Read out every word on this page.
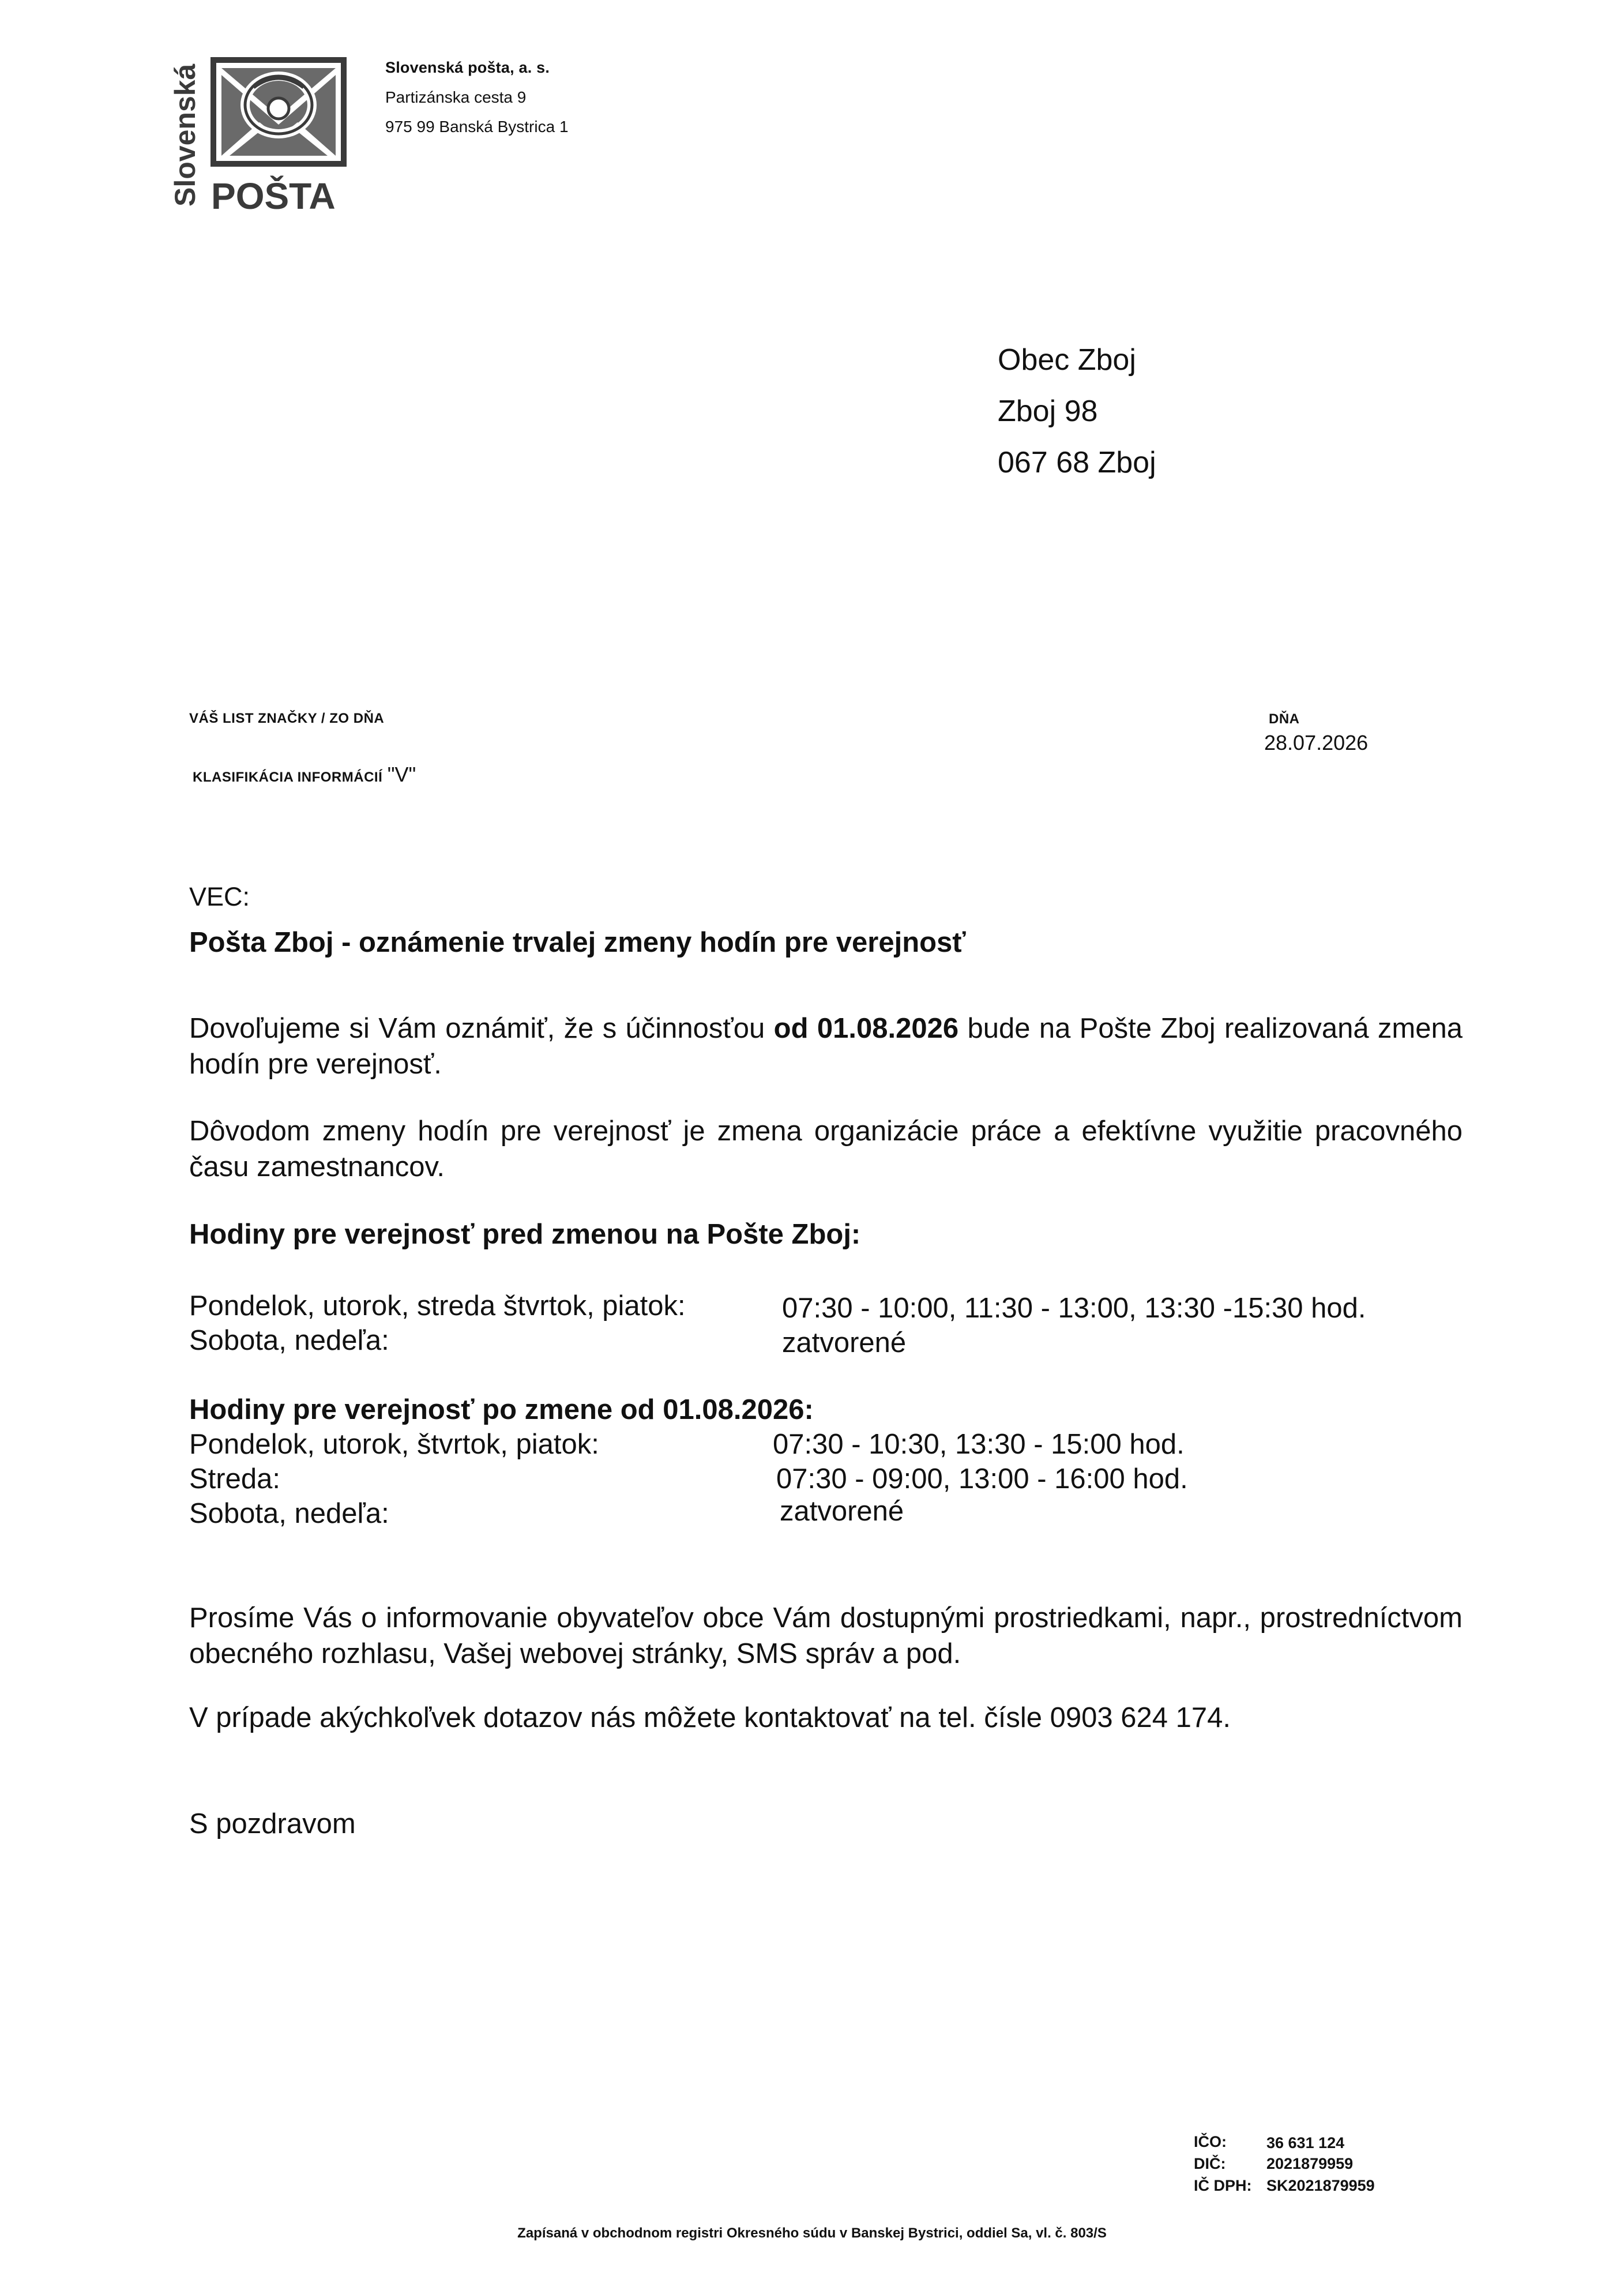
Slovenská POŠTA
Slovenská pošta, a. s.
Partizánska cesta 9
975 99 Banská Bystrica 1
Obec Zboj
Zboj 98
067 68 Zboj
VÁŠ LIST ZNAČKY / ZO DŇA
KLASIFIKÁCIA INFORMÁCIÍ "V"
DŇA
28.07.2026
VEC:
Pošta Zboj - oznámenie trvalej zmeny hodín pre verejnosť
Dovoľujeme si Vám oznámiť, že s účinnosťou od 01.08.2026 bude na Pošte Zboj realizovaná zmena hodín pre verejnosť.
Dôvodom zmeny hodín pre verejnosť je zmena organizácie práce a efektívne využitie pracovného času zamestnancov.
Hodiny pre verejnosť pred zmenou na Pošte Zboj:
Pondelok, utorok, streda štvrtok, piatok:	07:30 - 10:00, 11:30 - 13:00, 13:30 -15:30 hod.
Sobota, nedeľa:	zatvorené
Hodiny pre verejnosť po zmene od 01.08.2026:
Pondelok, utorok, štvrtok, piatok:	07:30 - 10:30, 13:30 - 15:00 hod.
Streda:	07:30 - 09:00, 13:00 - 16:00 hod.
Sobota, nedeľa:	zatvorené
Prosíme Vás o informovanie obyvateľov obce Vám dostupnými prostriedkami, napr., prostredníctvom obecného rozhlasu, Vašej webovej stránky, SMS správ a pod.
V prípade akýchkoľvek dotazov nás môžete kontaktovať na tel. čísle 0903 624 174.
S pozdravom
IČO:	36 631 124
DIČ:	2021879959
IČ DPH: SK2021879959
Zapísaná v obchodnom registri Okresného súdu v Banskej Bystrici, oddiel Sa, vl. č. 803/S
